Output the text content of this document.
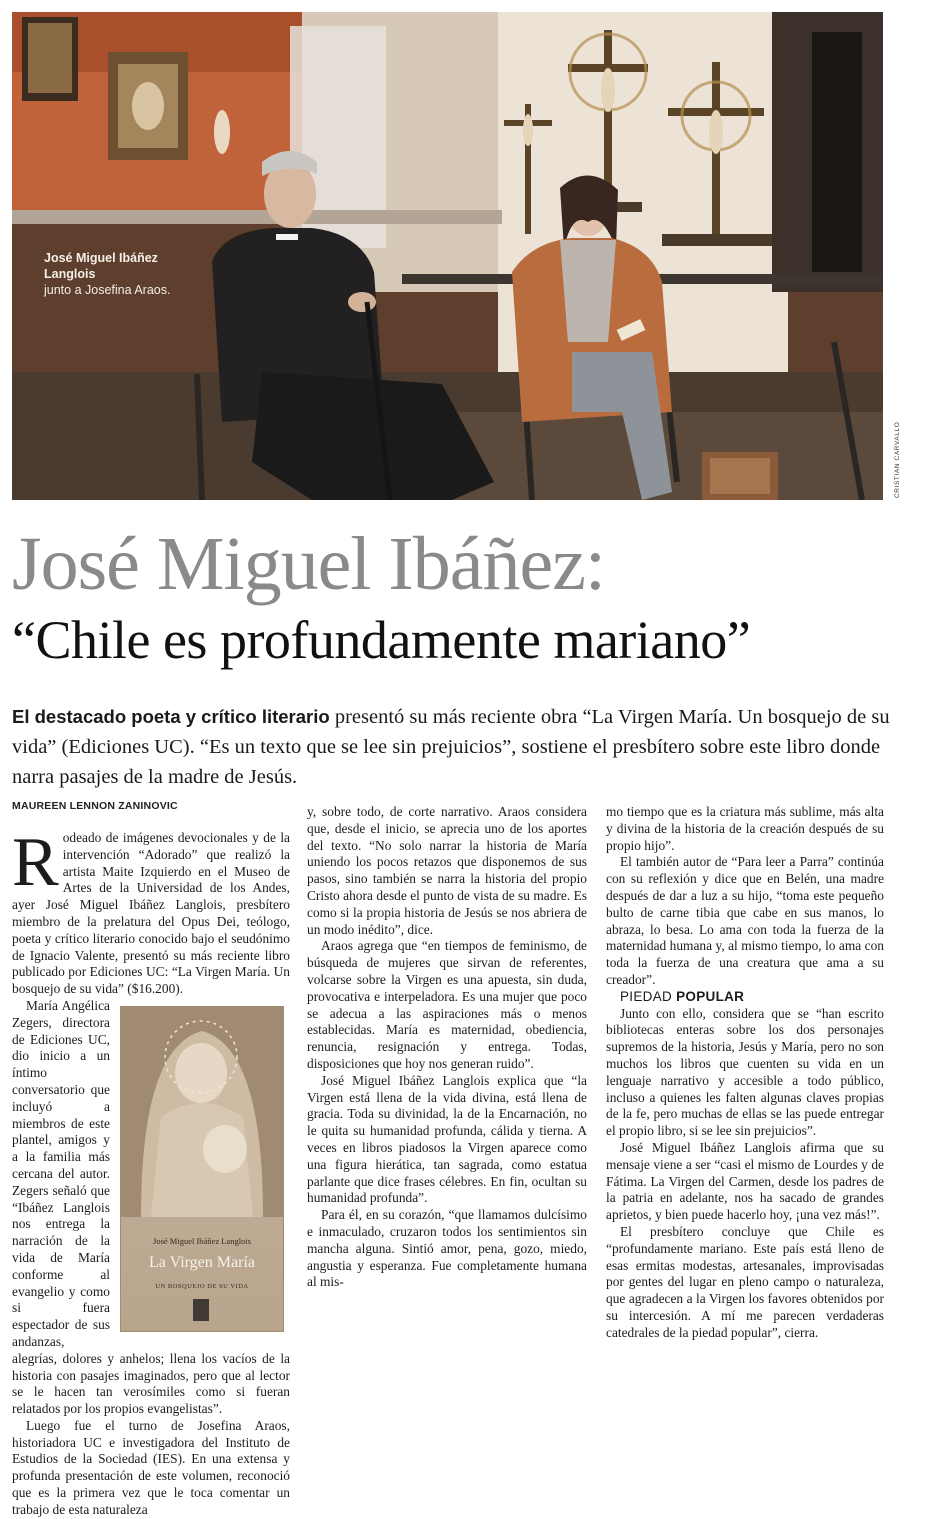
José Miguel Ibáñez Langlois
junto a Josefina Araos.
CRISTIAN CARVALLO
José Miguel Ibáñez:
“Chile es profundamente mariano”
El destacado poeta y crítico literario presentó su más reciente obra “La Virgen María. Un bosquejo de su vida” (Ediciones UC). “Es un texto que se lee sin prejuicios”, sostiene el presbítero sobre este libro donde narra pasajes de la madre de Jesús.
MAUREEN LENNON ZANINOVIC

Rodeado de imágenes devocionales y de la intervención “Adorado” que realizó la artista Maite Izquierdo en el Museo de Artes de la Universidad de los Andes, ayer José Miguel Ibáñez Langlois, presbítero miembro de la prelatura del Opus Dei, teólogo, poeta y crítico literario conocido bajo el seudónimo de Ignacio Valente, presentó su más reciente libro publicado por Ediciones UC: “La Virgen María. Un bosquejo de su vida” ($16.200).

José Miguel Ibáñez Langlois
La Virgen María
UN BOSQUEJO DE SU VIDA

María Angélica Zegers, directora de Ediciones UC, dio inicio a un íntimo conversatorio que incluyó a miembros de este plantel, amigos y a la familia más cercana del autor. Zegers señaló que “Ibáñez Langlois nos entrega la narración de la vida de María conforme al evangelio y como si fuera espectador de sus andanzas, alegrías, dolores y anhelos; llena los vacíos de la historia con pasajes imaginados, pero que al lector se le hacen tan verosímiles como si fueran relatados por los propios evangelistas”.

Luego fue el turno de Josefina Araos, historiadora UC e investigadora del Instituto de Estudios de la Sociedad (IES). En una extensa y profunda presentación de este volumen, reconoció que es la primera vez que le toca comentar un trabajo de esta naturaleza

y, sobre todo, de corte narrativo. Araos considera que, desde el inicio, se aprecia uno de los aportes del texto. “No solo narrar la historia de María uniendo los pocos retazos que disponemos de sus pasos, sino también se narra la historia del propio Cristo ahora desde el punto de vista de su madre. Es como si la propia historia de Jesús se nos abriera de un modo inédito”, dice.

Araos agrega que “en tiempos de feminismo, de búsqueda de mujeres que sirvan de referentes, volcarse sobre la Virgen es una apuesta, sin duda, provocativa e interpeladora. Es una mujer que poco se adecua a las aspiraciones más o menos establecidas. María es maternidad, obediencia, renuncia, resignación y entrega. Todas, disposiciones que hoy nos generan ruido”.

José Miguel Ibáñez Langlois explica que “la Virgen está llena de la vida divina, está llena de gracia. Toda su divinidad, la de la Encarnación, no le quita su humanidad profunda, cálida y tierna. A veces en libros piadosos la Virgen aparece como una figura hierática, tan sagrada, como estatua parlante que dice frases célebres. En fin, ocultan su humanidad profunda”.

Para él, en su corazón, “que llamamos dulcísimo e inmaculado, cruzaron todos los sentimientos sin mancha alguna. Sintió amor, pena, gozo, miedo, angustia y esperanza. Fue completamente humana al mis-

mo tiempo que es la criatura más sublime, más alta y divina de la historia de la creación después de su propio hijo”.

El también autor de “Para leer a Parra” continúa con su reflexión y dice que en Belén, una madre después de dar a luz a su hijo, “toma este pequeño bulto de carne tibia que cabe en sus manos, lo abraza, lo besa. Lo ama con toda la fuerza de la maternidad humana y, al mismo tiempo, lo ama con toda la fuerza de una creatura que ama a su creador”.

PIEDAD POPULAR

Junto con ello, considera que se “han escrito bibliotecas enteras sobre los dos personajes supremos de la historia, Jesús y María, pero no son muchos los libros que cuenten su vida en un lenguaje narrativo y accesible a todo público, incluso a quienes les falten algunas claves propias de la fe, pero muchas de ellas se las puede entregar el propio libro, si se lee sin prejuicios”.

José Miguel Ibáñez Langlois afirma que su mensaje viene a ser “casi el mismo de Lourdes y de Fátima. La Virgen del Carmen, desde los padres de la patria en adelante, nos ha sacado de grandes aprietos, y bien puede hacerlo hoy, ¡una vez más!”.

El presbítero concluye que Chile es “profundamente mariano. Este país está lleno de esas ermitas modestas, artesanales, improvisadas por gentes del lugar en pleno campo o naturaleza, que agradecen a la Virgen los favores obtenidos por su intercesión. A mí me parecen verdaderas catedrales de la piedad popular”, cierra.
